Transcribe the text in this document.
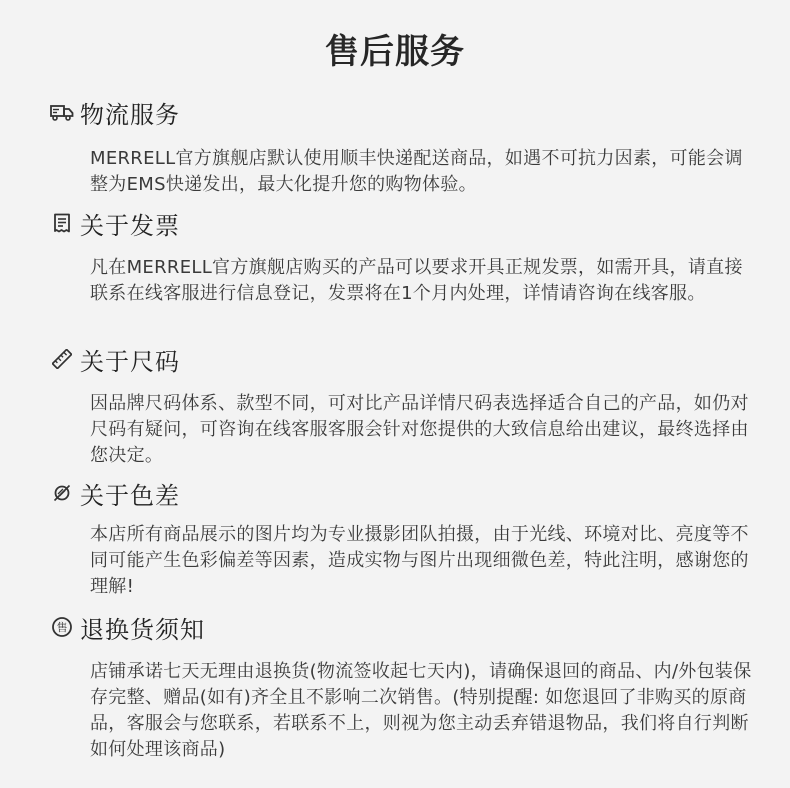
售后服务
物流服务
MERRELL官方旗舰店默认使用顺丰快递配送商品，如遇不可抗力因素，可能会调整为EMS快递发出，最大化提升您的购物体验。
关于发票
凡在MERRELL官方旗舰店购买的产品可以要求开具正规发票，如需开具，请直接联系在线客服进行信息登记，发票将在1个月内处理，详情请咨询在线客服。
关于尺码
因品牌尺码体系、款型不同，可对比产品详情尺码表选择适合自己的产品，如仍对尺码有疑问，可咨询在线客服客服会针对您提供的大致信息给出建议，最终选择由您决定。
关于色差
本店所有商品展示的图片均为专业摄影团队拍摄，由于光线、环境对比、亮度等不同可能产生色彩偏差等因素，造成实物与图片出现细微色差，特此注明，感谢您的理解!
售 退换货须知
店铺承诺七天无理由退换货(物流签收起七天内)，请确保退回的商品、内/外包装保存完整、赠品(如有)齐全且不影响二次销售。(特别提醒: 如您退回了非购买的原商品，客服会与您联系，若联系不上，则视为您主动丢弃错退物品，我们将自行判断如何处理该商品)
